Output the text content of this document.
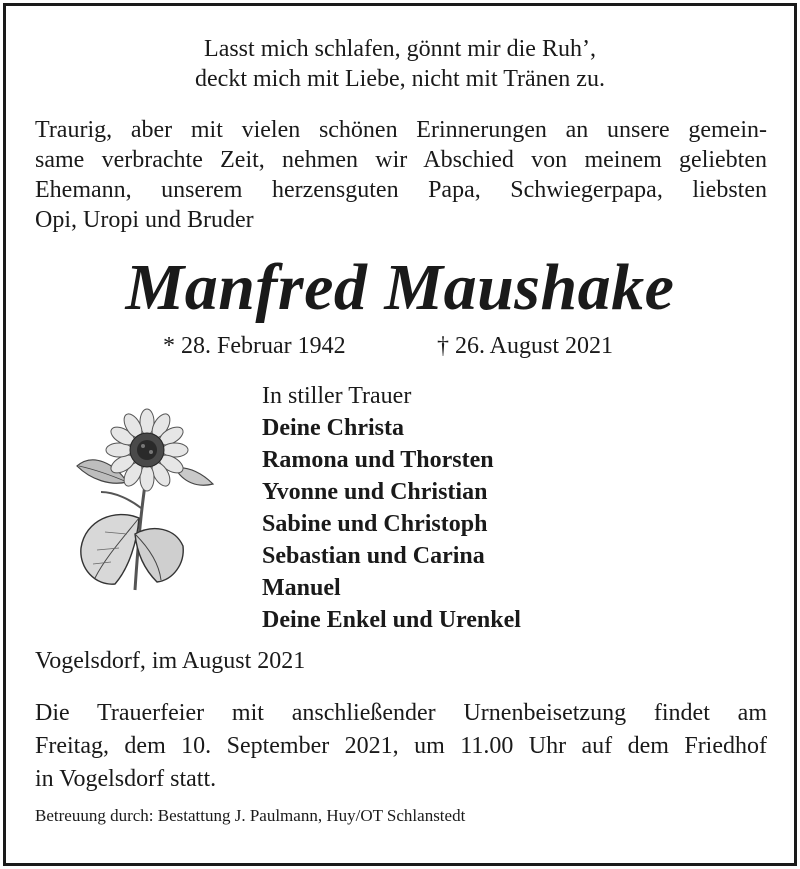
Lasst mich schlafen, gönnt mir die Ruh’,
deckt mich mit Liebe, nicht mit Tränen zu.
Traurig, aber mit vielen schönen Erinnerungen an unsere gemein-
same verbrachte Zeit, nehmen wir Abschied von meinem geliebten
Ehemann, unserem herzensguten Papa, Schwiegerpapa, liebsten
Opi, Uropi und Bruder
Manfred Maushake
* 28. Februar 1942	† 26. August 2021
In stiller Trauer
Deine Christa
Ramona und Thorsten
Yvonne und Christian
Sabine und Christoph
Sebastian und Carina
Manuel
Deine Enkel und Urenkel
Vogelsdorf, im August 2021
Die Trauerfeier mit anschließender Urnenbeisetzung findet am
Freitag, dem 10. September 2021, um 11.00 Uhr auf dem Friedhof
in Vogelsdorf statt.
Betreuung durch: Bestattung J. Paulmann, Huy/OT Schlanstedt
